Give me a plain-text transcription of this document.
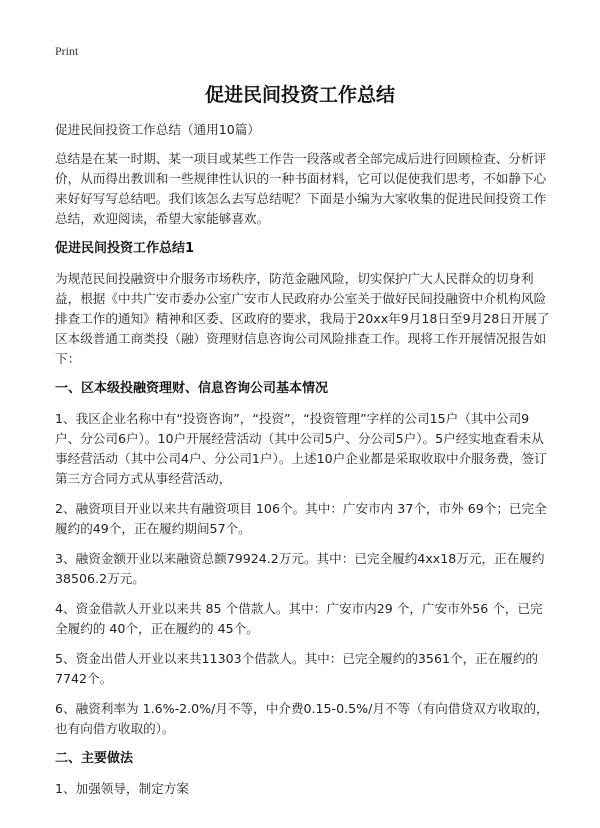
Print
促进民间投资工作总结

促进民间投资工作总结（通用10篇）

总结是在某一时期、某一项目或某些工作告一段落或者全部完成后进行回顾检查、分析评价，从而得出教训和一些规律性认识的一种书面材料，它可以促使我们思考，不如静下心来好好写写总结吧。我们该怎么去写总结呢？下面是小编为大家收集的促进民间投资工作总结，欢迎阅读，希望大家能够喜欢。

促进民间投资工作总结1

为规范民间投融资中介服务市场秩序，防范金融风险，切实保护广大人民群众的切身利益，根据《中共广安市委办公室广安市人民政府办公室关于做好民间投融资中介机构风险排查工作的通知》精神和区委、区政府的要求，我局于20xx年9月18日至9月28日开展了区本级普通工商类投（融）资理财信息咨询公司风险排查工作。现将工作开展情况报告如下：

一、区本级投融资理财、信息咨询公司基本情况

1、我区企业名称中有“投资咨询”，“投资”，“投资管理”字样的公司15户（其中公司9户、分公司6户）。10户开展经营活动（其中公司5户、分公司5户）。5户经实地查看未从事经营活动（其中公司4户、分公司1户）。上述10户企业都是采取收取中介服务费，签订第三方合同方式从事经营活动，

2、融资项目开业以来共有融资项目 106个。其中：广安市内 37个，市外 69个；已完全履约的49个，正在履约期间57个。

3、融资金额开业以来融资总额79924.2万元。其中：已完全履约4xx18万元，正在履约38506.2万元。

4、资金借款人开业以来共 85 个借款人。其中：广安市内29 个，广安市外56 个，已完全履约的 40个，正在履约的 45个。

5、资金出借人开业以来共11303个借款人。其中：已完全履约的3561个，正在履约的7742个。

6、融资利率为 1.6%-2.0%/月不等，中介费0.15-0.5%/月不等（有向借贷双方收取的，也有向借方收取的）。

二、主要做法

1、加强领导，制定方案
